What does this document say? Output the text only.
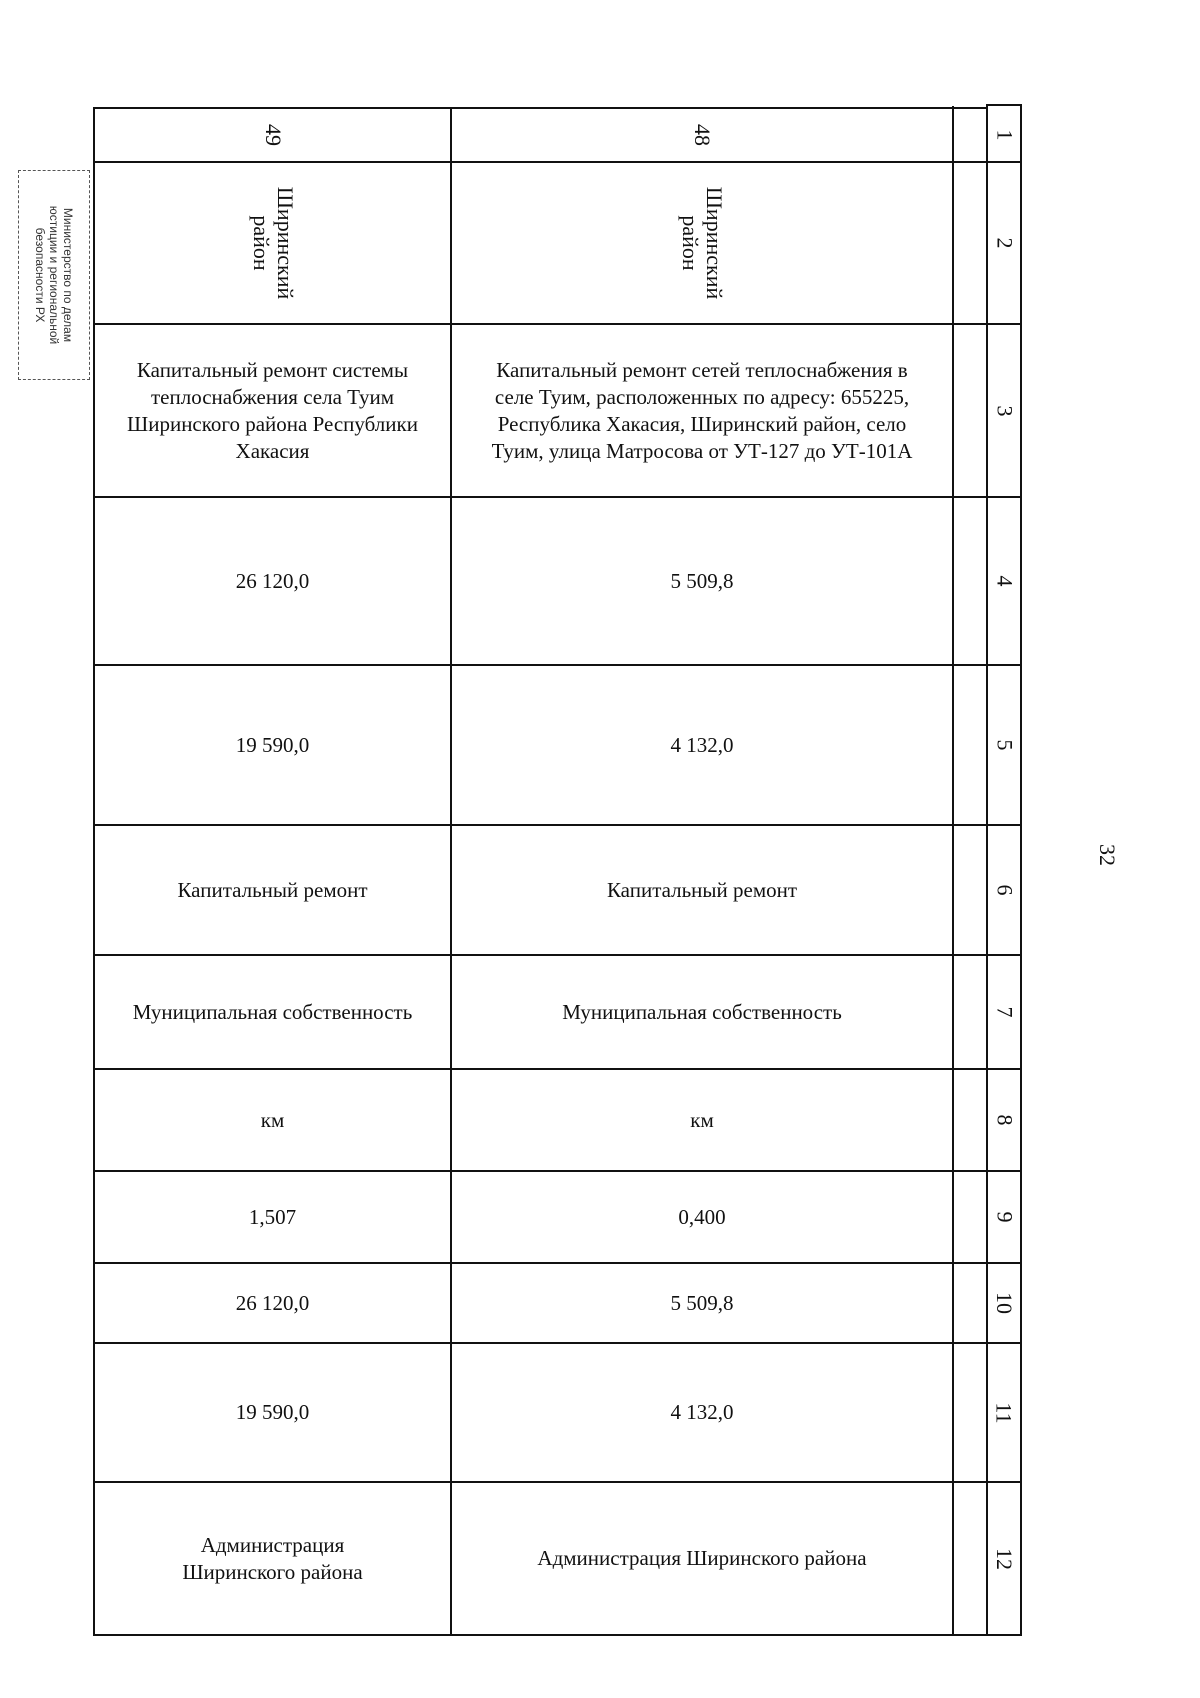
1
2
3
4
5
6
7
8
9
10
11
12
48
Ширинский район
Капитальный ремонт сетей теплоснабжения в селе Туим, расположенных по адресу: 655225, Республика Хакасия, Ширинский район, село Туим, улица Матросова от УТ-127 до УТ-101А
5 509,8
4 132,0
Капитальный ремонт
Муниципальная собственность
км
0,400
5 509,8
4 132,0
Администрация Ширинского района
49
Ширинский район
Капитальный ремонт системы теплоснабжения села Туим Ширинского района Республики Хакасия
26 120,0
19 590,0
Капитальный ремонт
Муниципальная собственность
км
1,507
26 120,0
19 590,0
Администрация Ширинского района
Министерство по делам
юстиции и региональной
безопасности РХ
32
